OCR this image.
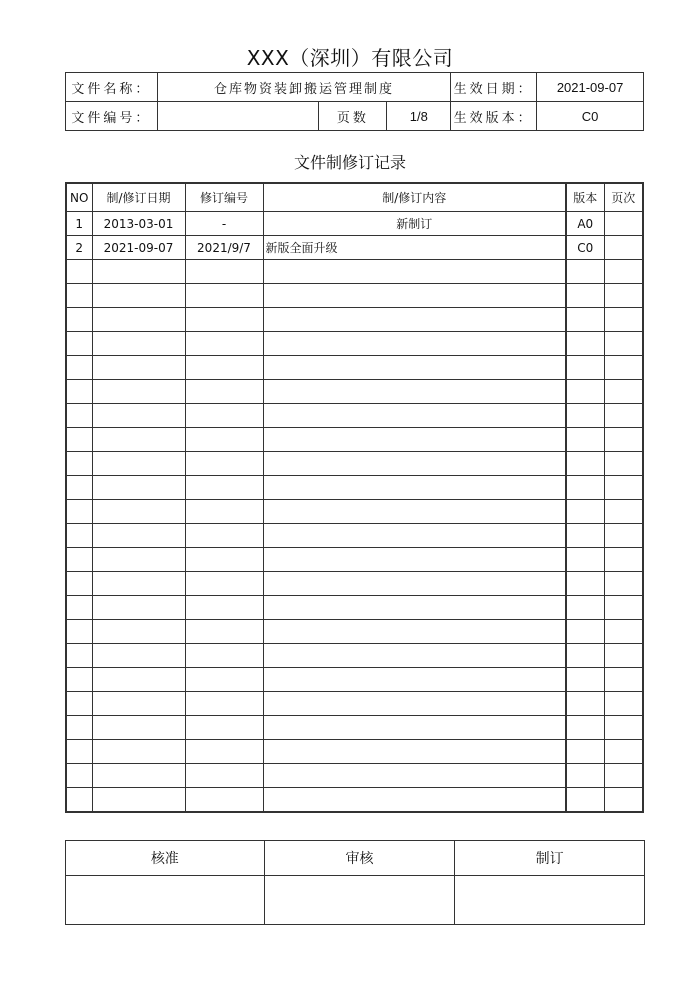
XXX（深圳）有限公司
文件名称：	仓库物资装卸搬运管理制度			生效日期：	2021-09-07
文件编号：		页数	1/8	生效版本：	C0
文件制修订记录
NO	制/修订日期	修订编号	制/修订内容	版本	页次
1	2013-03-01	-	新制订	A0	
2	2021-09-07	2021/9/7	新版全面升级	C0	

核准	审核	制订
